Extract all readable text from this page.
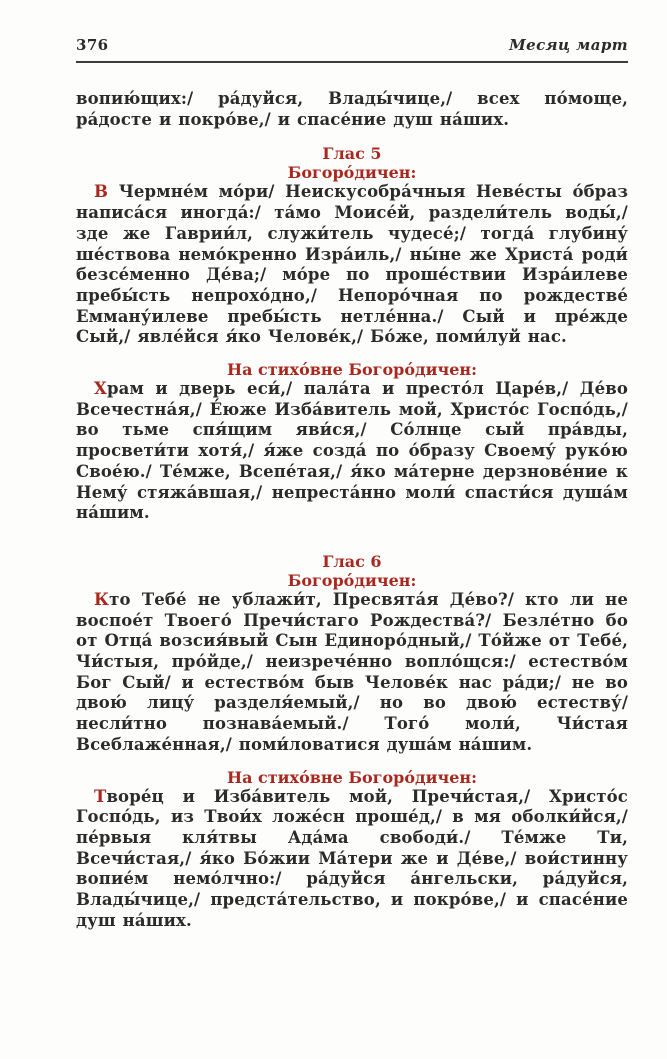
376	Месяц март

вопию́щих:/ ра́дуйся, Влады́чице,/ всех по́моще, ра́досте и покро́ве,/ и спасе́ние душ на́ших.

Глас 5
Богоро́дичен:

В Чермне́м мо́ри/ Неискусобра́чныя Неве́сты о́браз написа́ся иногда́:/ та́мо Моисе́й, раздели́тель воды́,/ зде же Гаврии́л, служи́тель чудесе́;/ тогда́ глубину́ ше́ствова немо́кренно Изра́иль,/ ны́не же Христа́ роди́ безсе́менно Де́ва;/ мо́ре по проше́ствии Изра́илеве пребы́сть непрохо́дно,/ Непоро́чная по рождестве́ Емману́илеве пребы́сть нетле́нна./ Сый и пре́жде Сый,/ явле́йся я́ко Челове́к,/ Бо́же, поми́луй нас.

На стихо́вне Богоро́дичен:

Храм и дверь еси́,/ пала́та и престо́л Царе́в,/ Де́во Всечестна́я,/ Е́юже Изба́витель мой, Христо́с Госпо́дь,/ во тьме спя́щим яви́ся,/ Со́лнце сый пра́вды, просвети́ти хотя́,/ я́же созда́ по о́бразу Своему́ руко́ю Свое́ю./ Те́мже, Всепе́тая,/ я́ко ма́терне дерзнове́ние к Нему́ стяжа́вшая,/ непреста́нно моли́ спасти́ся душа́м на́шим.

Глас 6
Богоро́дичен:

Кто Тебе́ не ублажи́т, Пресвята́я Де́во?/ кто ли не воспое́т Твоего́ Пречи́стаго Рождества́?/ Безле́тно бо от Отца́ возсия́вый Сын Единоро́дный,/ То́йже от Тебе́, Чи́стыя, про́йде,/ неизрече́нно вопло́щся:/ естество́м Бог Сый/ и естество́м быв Челове́к нас ра́ди;/ не во двою́ лицу́ разделя́емый,/ но во двою́ естеству́/ несли́тно познава́емый./ Того́ моли́, Чи́стая Всеблаже́нная,/ поми́ловатися душа́м на́шим.

На стихо́вне Богоро́дичен:

Творе́ц и Изба́витель мой, Пречи́стая,/ Христо́с Госпо́дь, из Твои́х ложе́сн проше́д,/ в мя оболки́йся,/ пе́рвыя кля́твы Ада́ма свободи́./ Те́мже Ти, Всечи́стая,/ я́ко Бо́жии Ма́тери же и Де́ве,/ вои́стинну вопие́м немо́лчно:/ ра́дуйся а́нгельски, ра́дуйся, Влады́чице,/ предста́тельство, и покро́ве,/ и спасе́ние душ на́ших.
